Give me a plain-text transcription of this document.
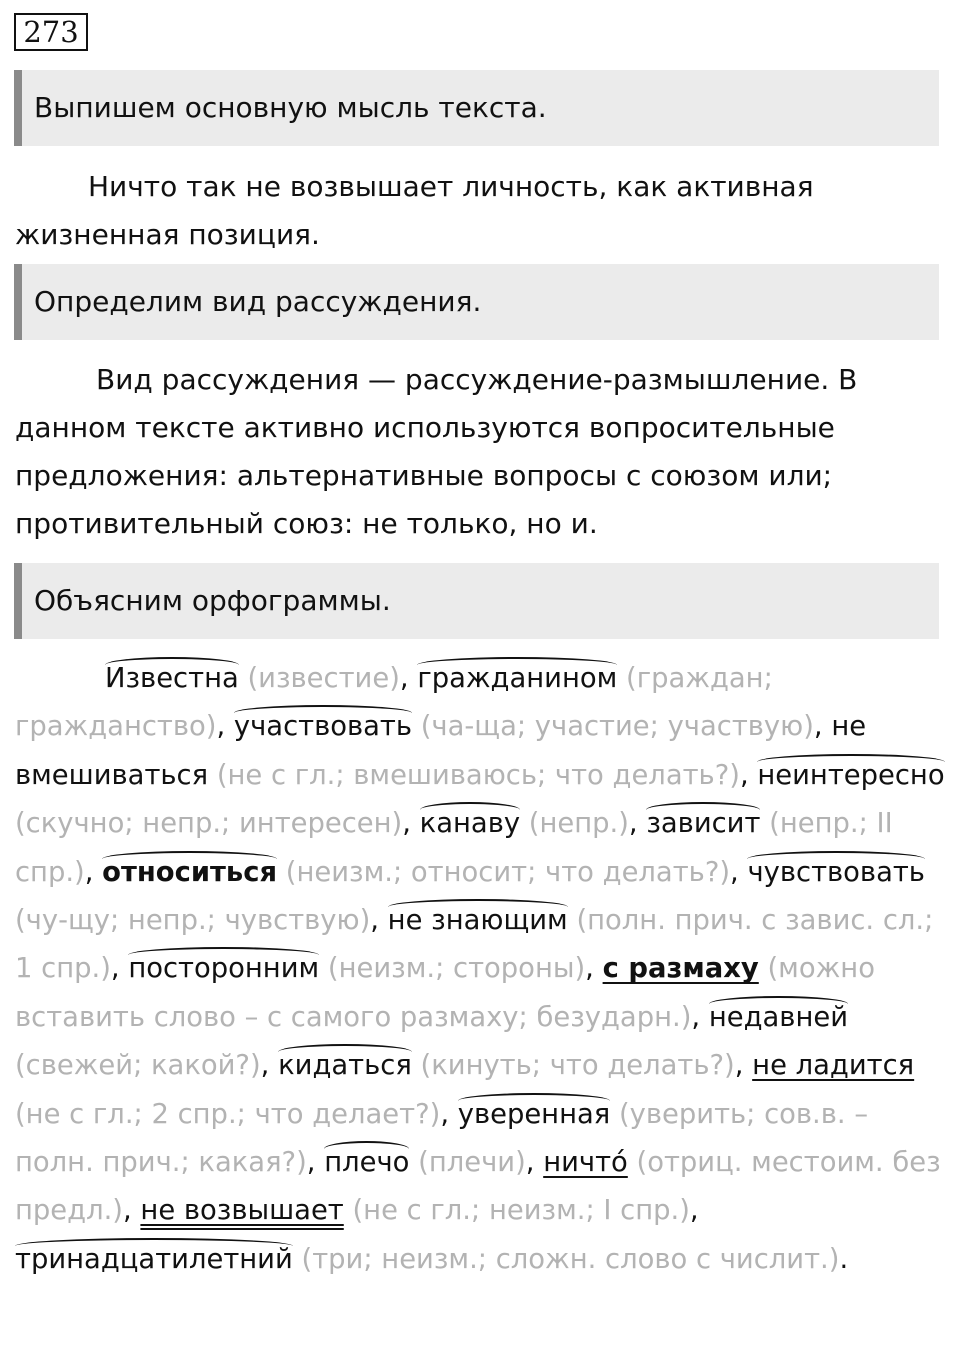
273
Выпишем основную мысль текста.

Ничто так не возвышает личность, как активная жизненная позиция.

Определим вид рассуждения.

Вид рассуждения — рассуждение-размышление. В данном тексте активно используются вопросительные предложения: альтернативные вопросы с союзом или; противительный союз: не только, но и.

Объясним орфограммы.

Известна (известие), гражданином (граждан; гражданство), участвовать (ча-ща; участие; участвую), не вмешиваться (не с гл.; вмешиваюсь; что делать?), неинтересно (скучно; непр.; интересен), канаву (непр.), зависит (непр.; II спр.), относиться (неизм.; относит; что делать?), чувствовать (чу-щу; непр.; чувствую), не знающим (полн. прич. с завис. сл.; 1 спр.), посторонним (неизм.; стороны), с размаху (можно вставить слово – с самого размаху; безударн.), недавней (свежей; какой?), кидаться (кинуть; что делать?), не ладится (не с гл.; 2 спр.; что делает?), уверенная (уверить; сов.в. – полн. прич.; какая?), плечо (плечи), ничто́ (отриц. местоим. без предл.), не возвышает (не с гл.; неизм.; I спр.), тринадцатилетний (три; неизм.; сложн. слово с числит.).
